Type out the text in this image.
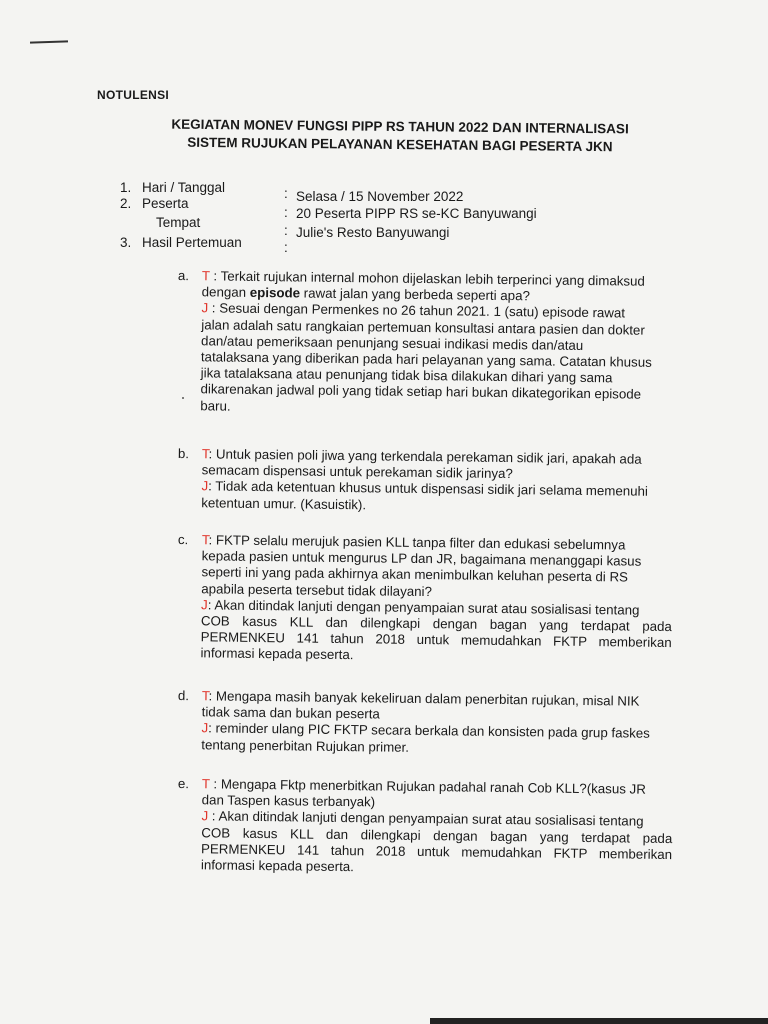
NOTULENSI
KEGIATAN MONEV FUNGSI PIPP RS TAHUN 2022 DAN INTERNALISASI
SISTEM RUJUKAN PELAYANAN KESEHATAN BAGI PESERTA JKN
1. Hari / Tanggal	: Selasa / 15 November 2022
2. Peserta
: 20 Peserta PIPP RS se-KC Banyuwangi
Tempat
: Julie's Resto Banyuwangi
3. Hasil Pertemuan	:
a. T : Terkait rujukan internal mohon dijelaskan lebih terperinci yang dimaksud
dengan episode rawat jalan yang berbeda seperti apa?
J : Sesuai dengan Permenkes no 26 tahun 2021. 1 (satu) episode rawat
jalan adalah satu rangkaian pertemuan konsultasi antara pasien dan dokter
dan/atau pemeriksaan penunjang sesuai indikasi medis dan/atau
tatalaksana yang diberikan pada hari pelayanan yang sama. Catatan khusus
jika tatalaksana atau penunjang tidak bisa dilakukan dihari yang sama
dikarenakan jadwal poli yang tidak setiap hari bukan dikategorikan episode
baru.
b. T: Untuk pasien poli jiwa yang terkendala perekaman sidik jari, apakah ada
semacam dispensasi untuk perekaman sidik jarinya?
J: Tidak ada ketentuan khusus untuk dispensasi sidik jari selama memenuhi
ketentuan umur. (Kasuistik).
c. T: FKTP selalu merujuk pasien KLL tanpa filter dan edukasi sebelumnya
kepada pasien untuk mengurus LP dan JR, bagaimana menanggapi kasus
seperti ini yang pada akhirnya akan menimbulkan keluhan peserta di RS
apabila peserta tersebut tidak dilayani?
J: Akan ditindak lanjuti dengan penyampaian surat atau sosialisasi tentang
COB kasus KLL dan dilengkapi dengan bagan yang terdapat pada
PERMENKEU 141 tahun 2018 untuk memudahkan FKTP memberikan
informasi kepada peserta.
d. T: Mengapa masih banyak kekeliruan dalam penerbitan rujukan, misal NIK
tidak sama dan bukan peserta
J: reminder ulang PIC FKTP secara berkala dan konsisten pada grup faskes
tentang penerbitan Rujukan primer.
e. T : Mengapa Fktp menerbitkan Rujukan padahal ranah Cob KLL?(kasus JR
dan Taspen kasus terbanyak)
J : Akan ditindak lanjuti dengan penyampaian surat atau sosialisasi tentang
COB kasus KLL dan dilengkapi dengan bagan yang terdapat pada
PERMENKEU 141 tahun 2018 untuk memudahkan FKTP memberikan
informasi kepada peserta.
